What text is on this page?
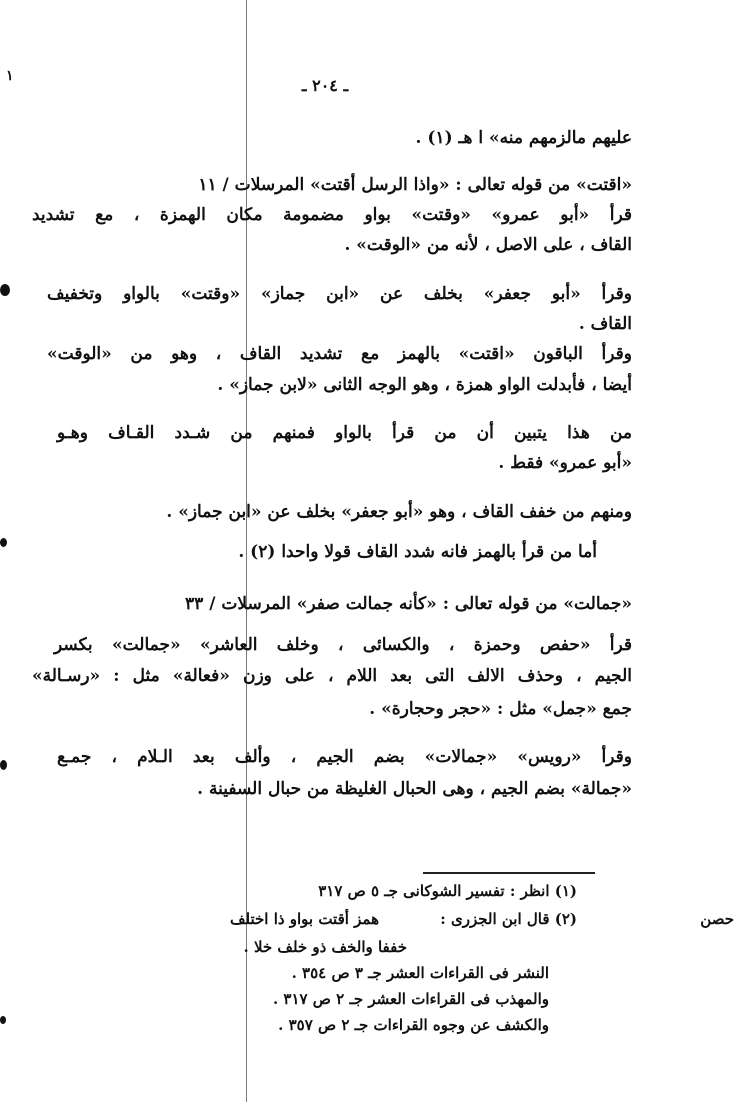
١	ـ ٢٠٤ ـ
علیهم مالزمهم منه» ا هـ (١) .
«اقتت» من قوله تعالى : «واذا الرسل أقتت» المرسلات / ١١
قرأ «أبو عمرو» «وقتت» بواو مضمومة مكان الهمزة ، مع تشديد
القاف ، على الاصل ، لأنه من «الوقت» .
وقرأ «أبو جعفر» بخلف عن «ابن جماز» «وقتت» بالواو وتخفيف
القاف .
وقرأ الباقون «اقتت» بالهمز مع تشديد القاف ، وهو من «الوقت»
أيضا ، فأبدلت الواو همزة ، وهو الوجه الثانى «لابن جماز» .
من هذا يتبين أن من قرأ بالواو فمنهم من شـدد القـاف وهـو
«أبو عمرو» فقط .
ومنهم من خفف القاف ، وهو «أبو جعفر» بخلف عن «ابن جماز» .
أما من قرأ بالهمز فانه شدد القاف قولا واحدا (٢) .
«جمالت» من قوله تعالى : «كأنه جمالت صفر» المرسلات / ٣٣
قرأ «حفص وحمزة ، والكسائى ، وخلف العاشر» «جمالت» بكسر
الجيم ، وحذف الالف التى بعد اللام ، على وزن «فعالة» مثل : «رسـالة»
جمع «جمل» مثل : «حجر وحجارة» .
وقرأ «رويس» «جمالات» بضم الجيم ، وألف بعد الـلام ، جمـع
«جمالة» بضم الجيم ، وهى الحبال الغليظة من حبال السفينة .
(١) انظر : تفسير الشوكانى جـ ٥ ص ٣١٧
(٢) قال ابن الجزرى :
همز أقتت بواو ذا اختلف	حصن
خففا والخف ذو خلف خلا .
النشر فى القراءات العشر جـ ٣ ص ٣٥٤ .
والمهذب فى القراءات العشر جـ ٢ ص ٣١٧ .
والكشف عن وجوه القراءات جـ ٢ ص ٣٥٧ .
